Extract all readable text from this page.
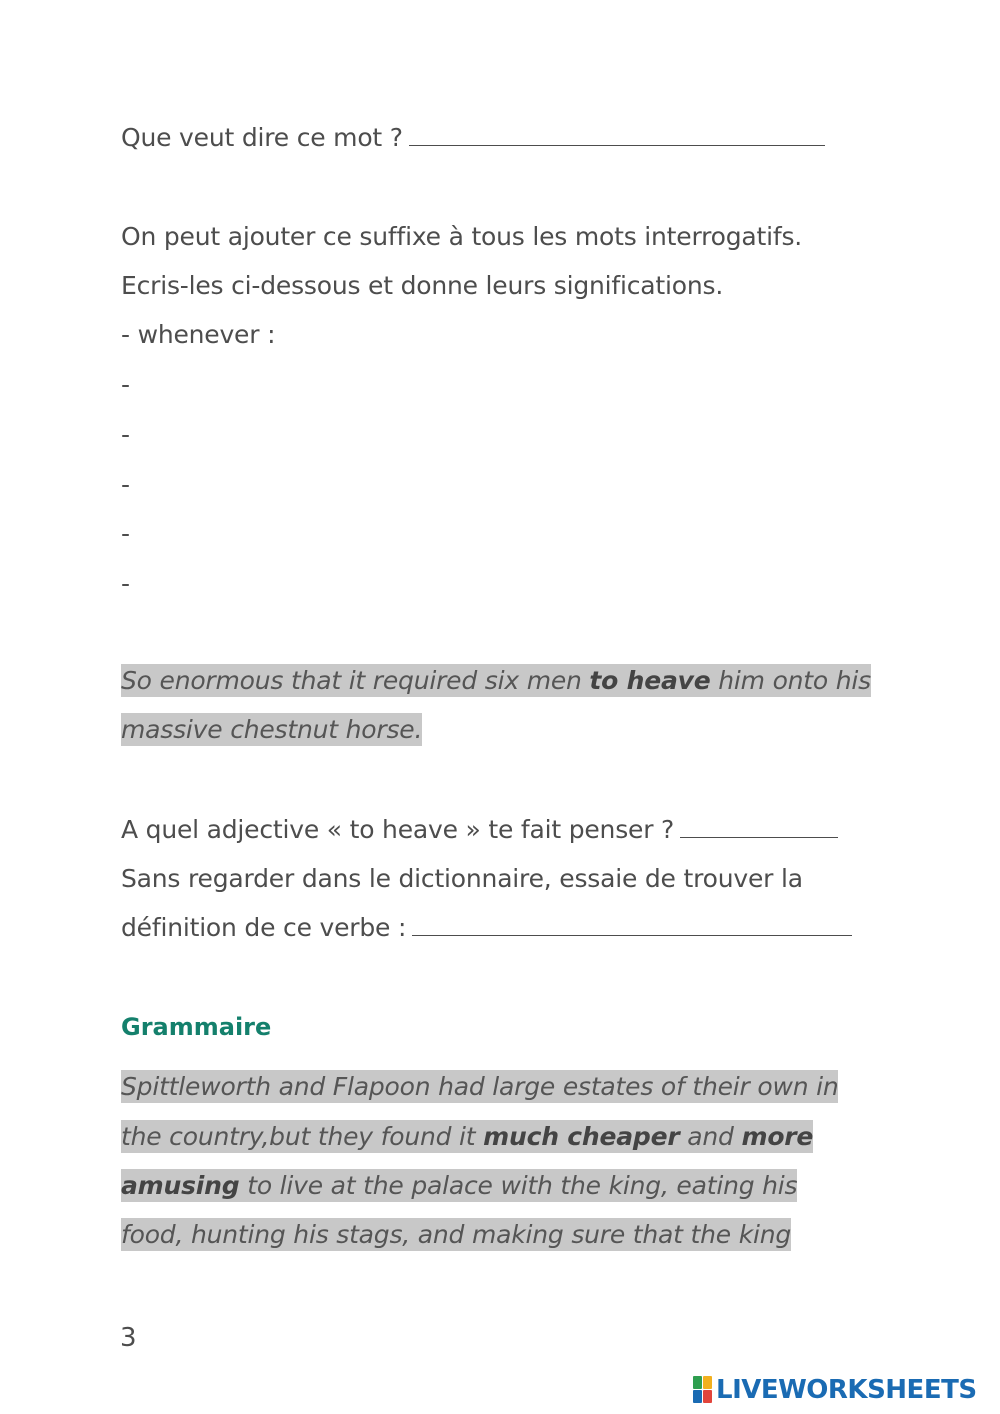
Que veut dire ce mot ?
On peut ajouter ce suffixe à tous les mots interrogatifs.
Ecris-les ci-dessous et donne leurs significations.
- whenever :
-
-
-
-
-
So enormous that it required six men to heave him onto his
massive chestnut horse.
A quel adjective « to heave » te fait penser ?
Sans regarder dans le dictionnaire, essaie de trouver la
définition de ce verbe :
Grammaire
Spittleworth and Flapoon had large estates of their own in
the country,but they found it much cheaper and more
amusing to live at the palace with the king, eating his
food, hunting his stags, and making sure that the king
3
LIVEWORKSHEETS
